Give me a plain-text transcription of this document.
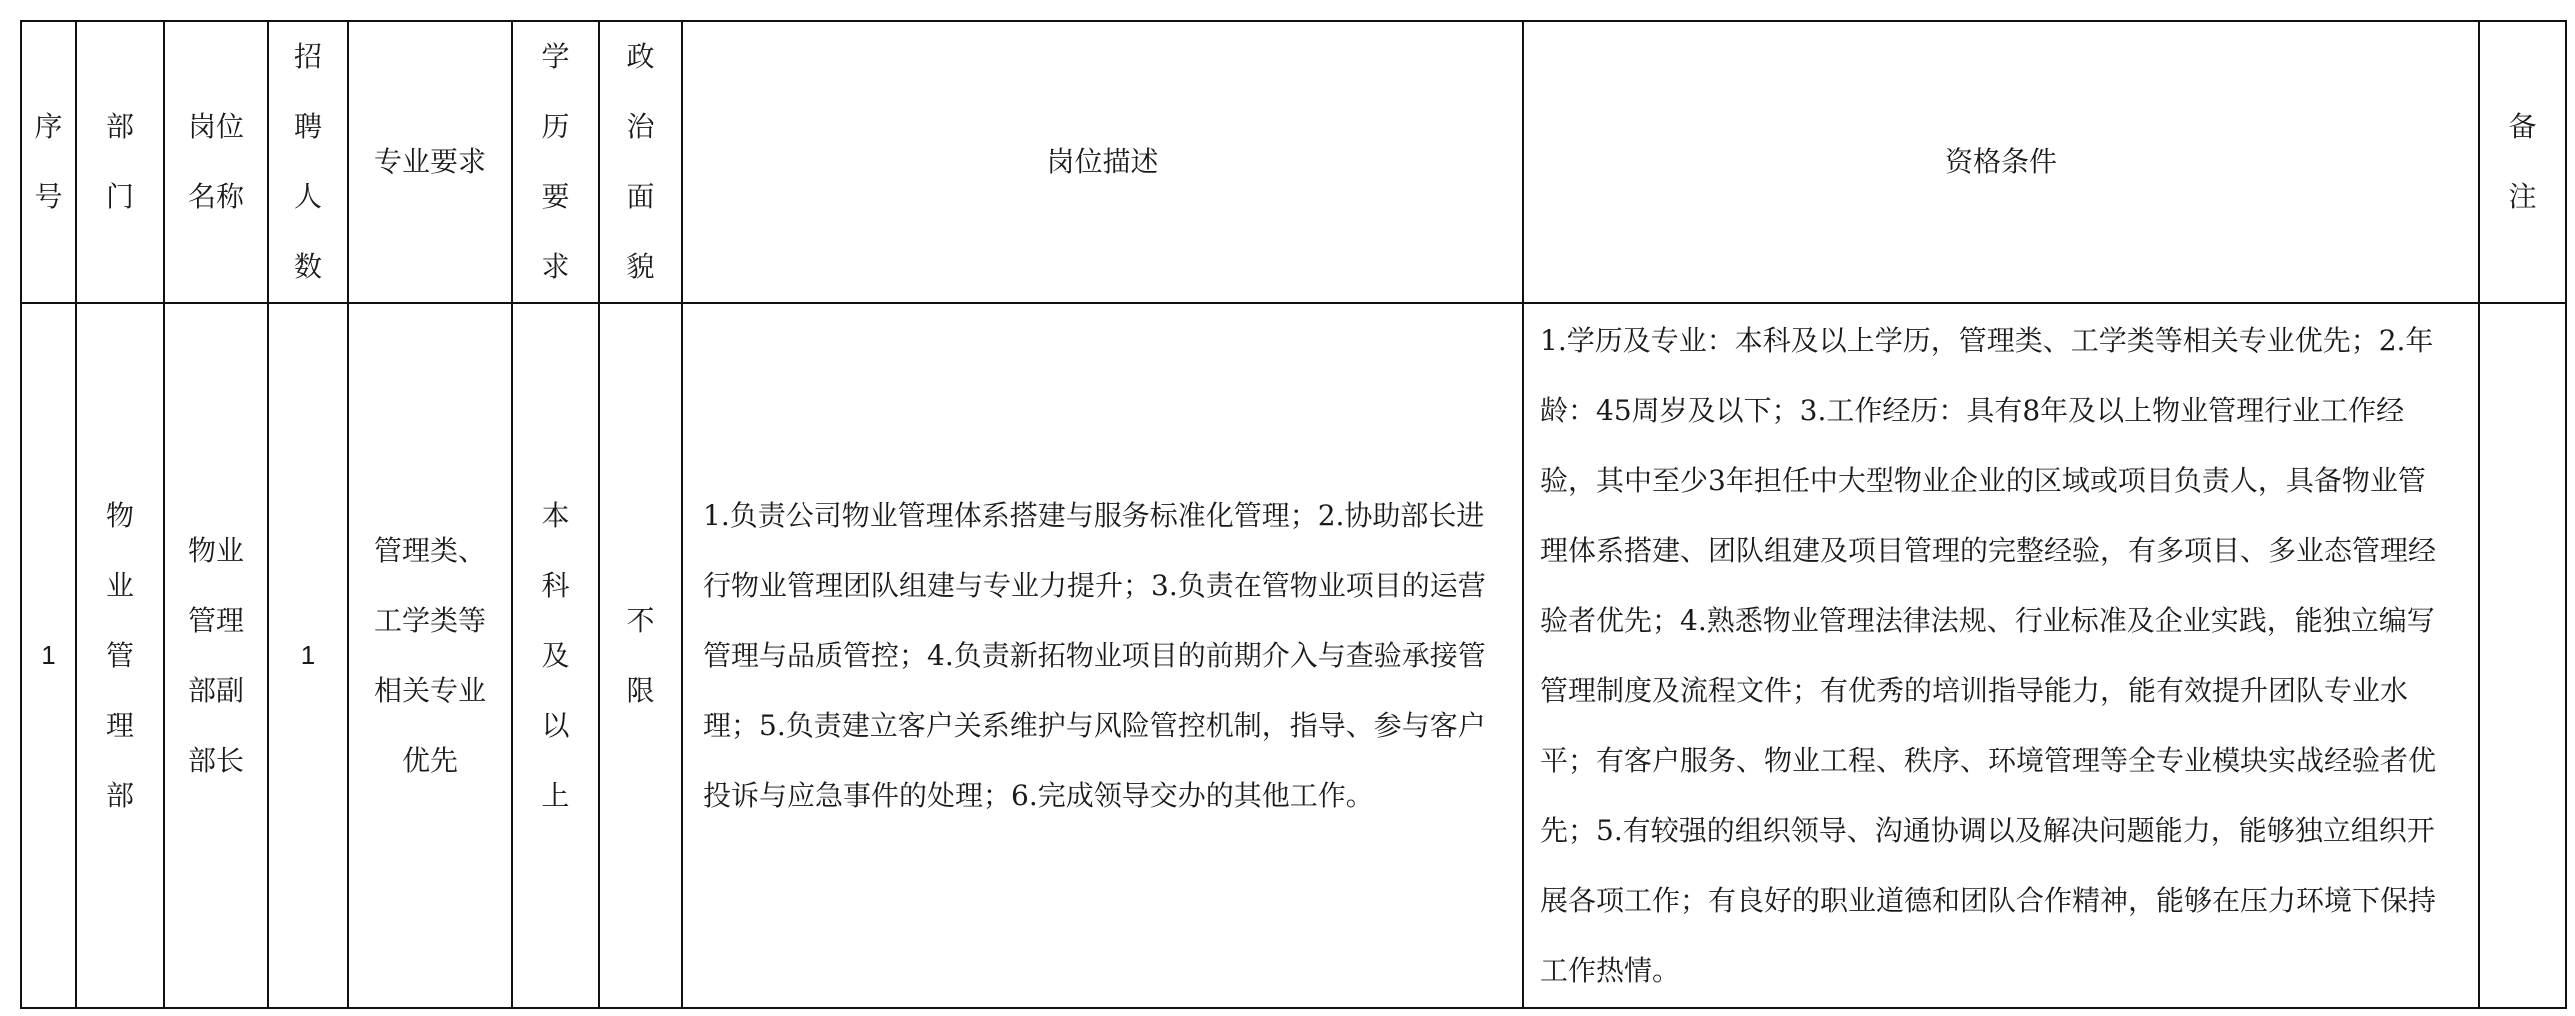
序号	部门	岗位名称	招聘人数	专业要求	学历要求	政治面貌	岗位描述	资格条件	备注
1	物业管理部	物业管理部副部长	1	管理类、工学类等相关专业优先	本科及以上	不限	1.负责公司物业管理体系搭建与服务标准化管理；2.协助部长进行物业管理团队组建与专业力提升；3.负责在管物业项目的运营管理与品质管控；4.负责新拓物业项目的前期介入与查验承接管理；5.负责建立客户关系维护与风险管控机制，指导、参与客户投诉与应急事件的处理；6.完成领导交办的其他工作。	1.学历及专业：本科及以上学历，管理类、工学类等相关专业优先；2.年龄：45周岁及以下；3.工作经历：具有8年及以上物业管理行业工作经验，其中至少3年担任中大型物业企业的区域或项目负责人，具备物业管理体系搭建、团队组建及项目管理的完整经验，有多项目、多业态管理经验者优先；4.熟悉物业管理法律法规、行业标准及企业实践，能独立编写管理制度及流程文件；有优秀的培训指导能力，能有效提升团队专业水平；有客户服务、物业工程、秩序、环境管理等全专业模块实战经验者优先；5.有较强的组织领导、沟通协调以及解决问题能力，能够独立组织开展各项工作；有良好的职业道德和团队合作精神，能够在压力环境下保持工作热情。	
